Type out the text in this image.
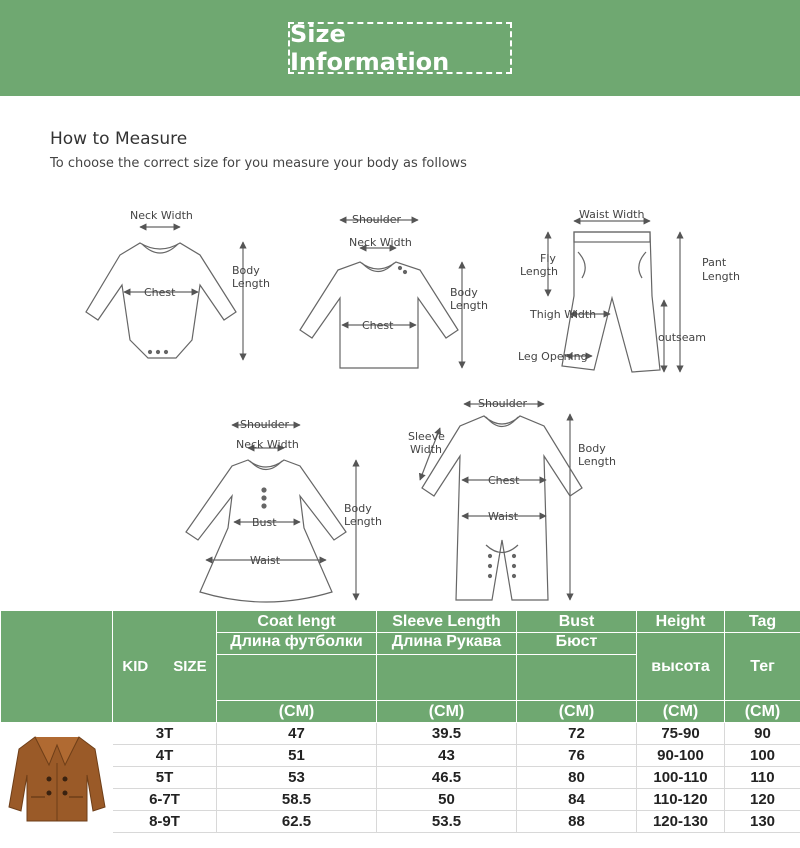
Size Information
How to Measure
To choose the correct size for you measure your body as follows
Neck Width
Chest
Body
Length
Shoulder
Neck Width
Chest
Body
Length
Waist Width
Fly
Length
Pant
Length
Thigh Width
outseam
Leg Opening
Shoulder
Neck Width
Bust
Waist
Body
Length
Shoulder
Sleeve
Width
Chest
Waist
Body
Length
	KID      SIZE	Coat lengt	Sleeve Length	Bust	Height	Tag
		Длина футболки	Длина Рукава	Бюст	высота	Тег

		(CM)	(CM)	(CM)	(CM)	(CM)

	3T	47	39.5	72	75-90	90
	4T	51	43	76	90-100	100
	5T	53	46.5	80	100-110	110
	6-7T	58.5	50	84	110-120	120
	8-9T	62.5	53.5	88	120-130	130
